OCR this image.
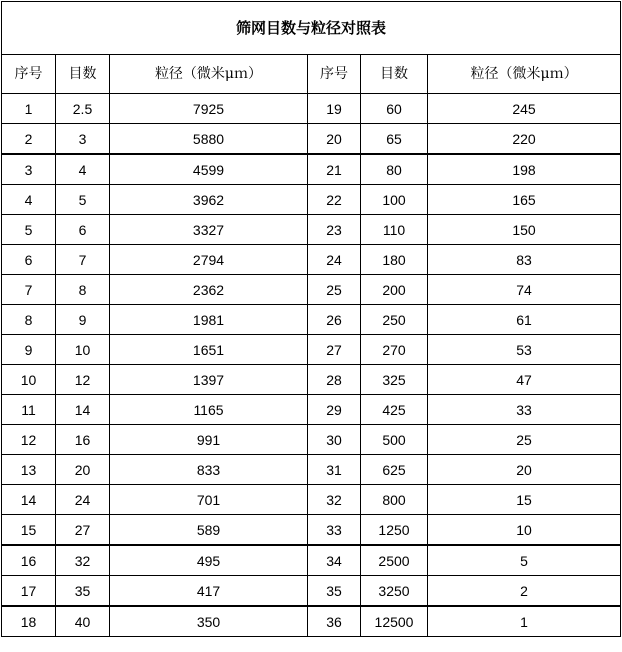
筛网目数与粒径对照表					
序号	目数	粒径（微米μｍ）	序号	目数	粒径（微米μｍ）
1	2.5	7925	19	60	245
2	3	5880	20	65	220
3	4	4599	21	80	198
4	5	3962	22	100	165
5	6	3327	23	110	150
6	7	2794	24	180	83
7	8	2362	25	200	74
8	9	1981	26	250	61
9	10	1651	27	270	53
10	12	1397	28	325	47
11	14	1165	29	425	33
12	16	991	30	500	25
13	20	833	31	625	20
14	24	701	32	800	15
15	27	589	33	1250	10
16	32	495	34	2500	5
17	35	417	35	3250	2
18	40	350	36	12500	1
